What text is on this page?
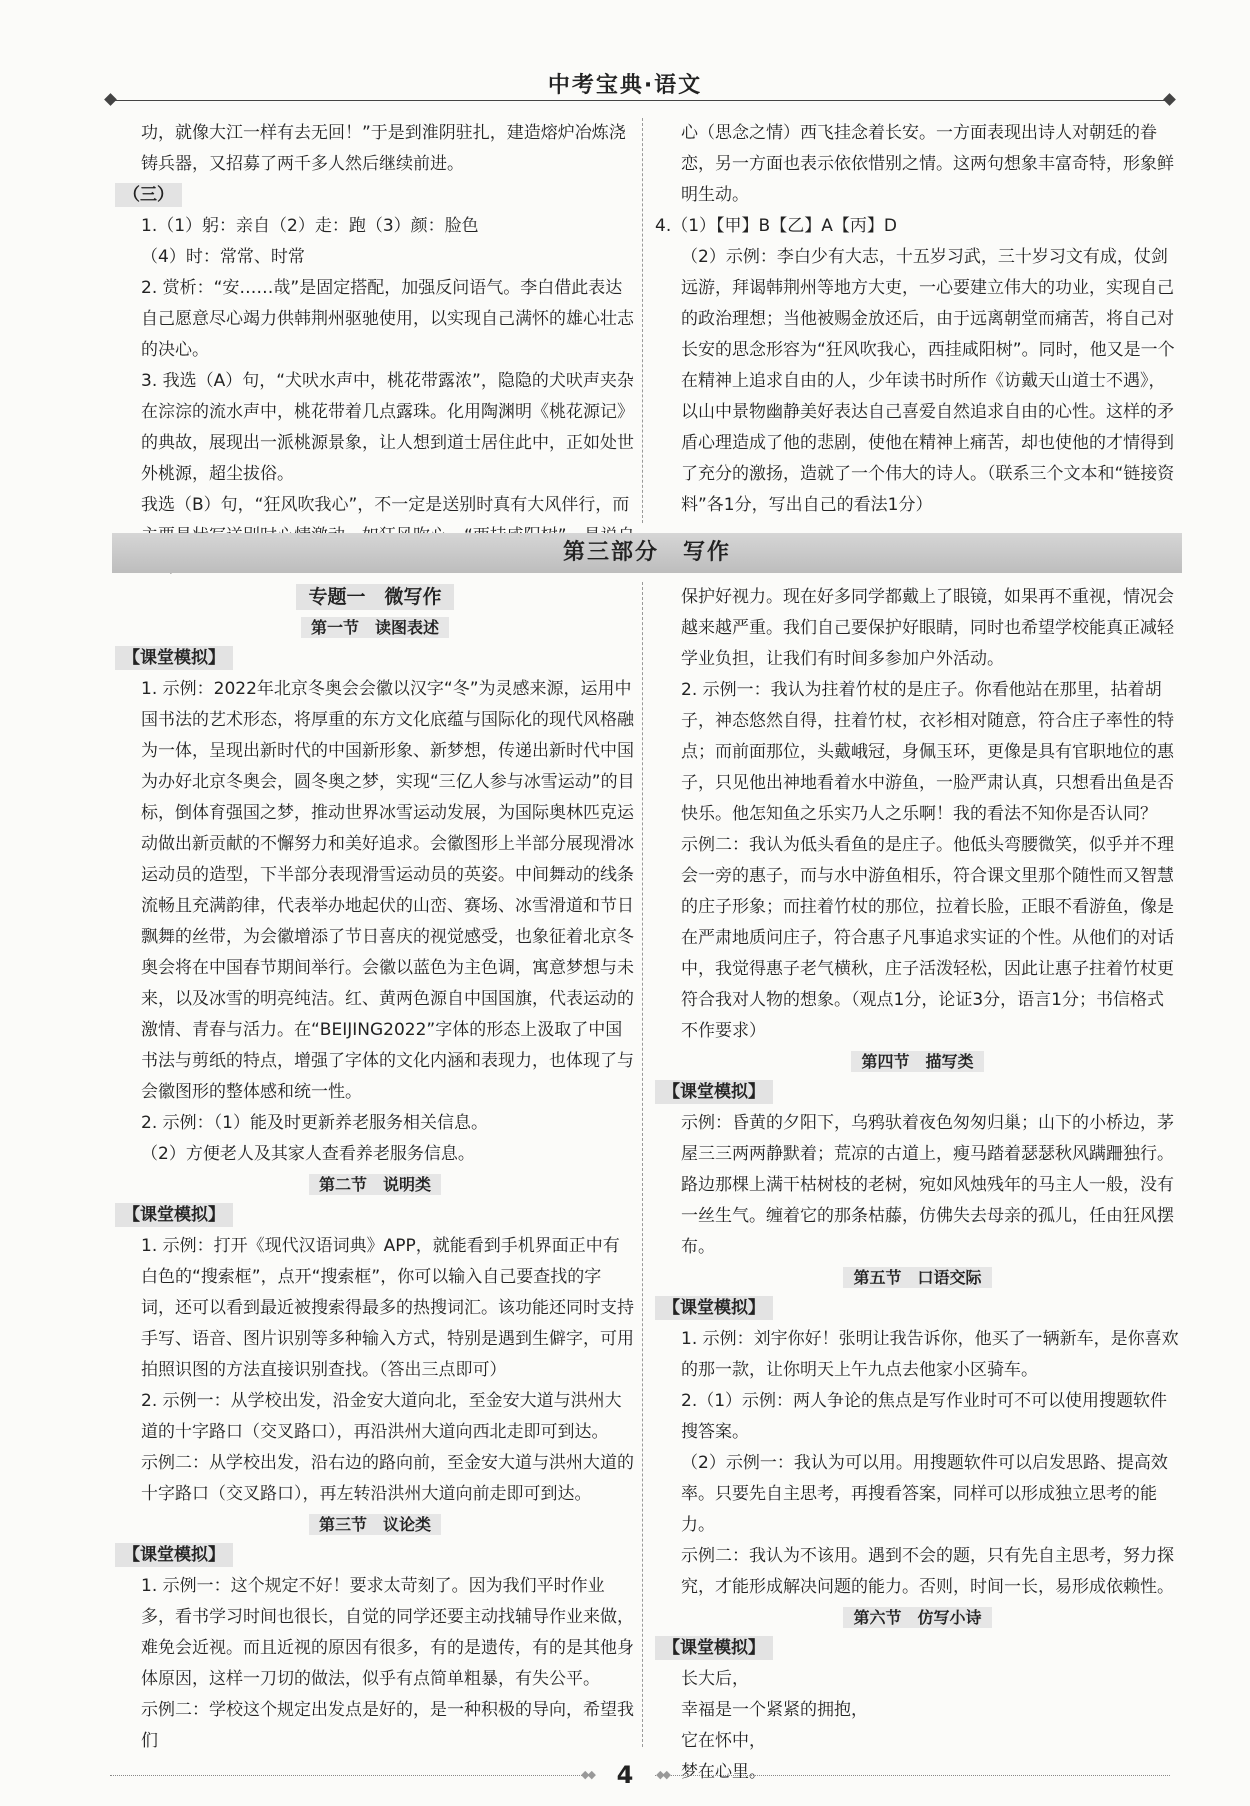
中考宝典·语文

功，就像大江一样有去无回！”于是到淮阴驻扎，建造熔炉冶炼浇铸兵器，又招募了两千多人然后继续前进。

（三）

1.（1）躬：亲自（2）走：跑（3）颜：脸色

（4）时：常常、时常

2. 赏析：“安……哉”是固定搭配，加强反问语气。李白借此表达自己愿意尽心竭力供韩荆州驱驰使用，以实现自己满怀的雄心壮志的决心。

3. 我选（A）句，“犬吠水声中，桃花带露浓”，隐隐的犬吠声夹杂在淙淙的流水声中，桃花带着几点露珠。化用陶渊明《桃花源记》的典故，展现出一派桃源景象，让人想到道士居住此中，正如处世外桃源，超尘拔俗。

我选（B）句，“狂风吹我心”，不一定是送别时真有大风伴行，而

心（思念之情）西飞挂念着长安。一方面表现出诗人对朝廷的眷恋，另一方面也表示依依惜别之情。这两句想象丰富奇特，形象鲜明生动。

4.（1）【甲】B【乙】A【丙】D

（2）示例：李白少有大志，十五岁习武，三十岁习文有成，仗剑远游，拜谒韩荆州等地方大吏，一心要建立伟大的功业，实现自己的政治理想；当他被赐金放还后，由于远离朝堂而痛苦，将自己对长安的思念形容为“狂风吹我心，西挂咸阳树”。同时，他又是一个在精神上追求自由的人，少年读书时所作《访戴天山道士不遇》，以山中景物幽静美好表达自己喜爱自然追求自由的心性。这样的矛盾心理造成了他的悲剧，使他在精神上痛苦，却也使他的才情得到了充分的激扬，造就了一个伟大的诗人。（联系三个文本和“链接资料”各1分，写出自己的看法1分）

第三部分　写作

专题一　微写作

第一节　读图表述

【课堂模拟】

1. 示例：2022年北京冬奥会会徽以汉字“冬”为灵感来源，运用中国书法的艺术形态，将厚重的东方文化底蕴与国际化的现代风格融为一体，呈现出新时代的中国新形象、新梦想，传递出新时代中国为办好北京冬奥会，圆冬奥之梦，实现“三亿人参与冰雪运动”的目标，倒体育强国之梦，推动世界冰雪运动发展，为国际奥林匹克运动做出新贡献的不懈努力和美好追求。会徽图形上半部分展现滑冰运动员的造型，下半部分表现滑雪运动员的英姿。中间舞动的线条流畅且充满韵律，代表举办地起伏的山峦、赛场、冰雪滑道和节日飘舞的丝带，为会徽增添了节日喜庆的视觉感受，也象征着北京冬奥会将在中国春节期间举行。会徽以蓝色为主色调，寓意梦想与未来，以及冰雪的明亮纯洁。红、黄两色源自中国国旗，代表运动的激情、青春与活力。在“BEIJING2022”字体的形态上汲取了中国书法与剪纸的特点，增强了字体的文化内涵和表现力，也体现了与会徽图形的整体感和统一性。

2. 示例：（1）能及时更新养老服务相关信息。

（2）方便老人及其家人查看养老服务信息。

第二节　说明类

【课堂模拟】

1. 示例：打开《现代汉语词典》APP，就能看到手机界面正中有白色的“搜索框”，点开“搜索框”，你可以输入自己要查找的字词，还可以看到最近被搜索得最多的热搜词汇。该功能还同时支持手写、语音、图片识别等多种输入方式，特别是遇到生僻字，可用拍照识图的方法直接识别查找。（答出三点即可）

2. 示例一：从学校出发，沿金安大道向北，至金安大道与洪州大道的十字路口（交叉路口），再沿洪州大道向西北走即可到达。

示例二：从学校出发，沿右边的路向前，至金安大道与洪州大道的十字路口（交叉路口），再左转沿洪州大道向前走即可到达。

第三节　议论类

【课堂模拟】

1. 示例一：这个规定不好！要求太苛刻了。因为我们平时作业多，看书学习时间也很长，自觉的同学还要主动找辅导作业来做，难免会近视。而且近视的原因有很多，有的是遗传，有的是其他身体原因，这样一刀切的做法，似乎有点简单粗暴，有失公平。

示例二：学校这个规定出发点是好的，是一种积极的导向，希望我们

保护好视力。现在好多同学都戴上了眼镜，如果再不重视，情况会越来越严重。我们自己要保护好眼睛，同时也希望学校能真正减轻学业负担，让我们有时间多参加户外活动。

2. 示例一：我认为拄着竹杖的是庄子。你看他站在那里，拈着胡子，神态悠然自得，拄着竹杖，衣衫相对随意，符合庄子率性的特点；而前面那位，头戴峨冠，身佩玉环，更像是具有官职地位的惠子，只见他出神地看着水中游鱼，一脸严肃认真，只想看出鱼是否快乐。他怎知鱼之乐实乃人之乐啊！我的看法不知你是否认同？

示例二：我认为低头看鱼的是庄子。他低头弯腰微笑，似乎并不理会一旁的惠子，而与水中游鱼相乐，符合课文里那个随性而又智慧的庄子形象；而拄着竹杖的那位，拉着长脸，正眼不看游鱼，像是在严肃地质问庄子，符合惠子凡事追求实证的个性。从他们的对话中，我觉得惠子老气横秋，庄子活泼轻松，因此让惠子拄着竹杖更符合我对人物的想象。（观点1分，论证3分，语言1分；书信格式不作要求）

第四节　描写类

【课堂模拟】

示例：昏黄的夕阳下，乌鸦驮着夜色匆匆归巢；山下的小桥边，茅屋三三两两静默着；荒凉的古道上，瘦马踏着瑟瑟秋风蹒跚独行。路边那棵上满干枯树枝的老树，宛如风烛残年的马主人一般，没有一丝生气。缠着它的那条枯藤，仿佛失去母亲的孤儿，任由狂风摆布。

第五节　口语交际

【课堂模拟】

1. 示例：刘宇你好！张明让我告诉你，他买了一辆新车，是你喜欢的那一款，让你明天上午九点去他家小区骑车。

2.（1）示例：两人争论的焦点是写作业时可不可以使用搜题软件搜答案。

（2）示例一：我认为可以用。用搜题软件可以启发思路、提高效率。只要先自主思考，再搜看答案，同样可以形成独立思考的能力。

示例二：我认为不该用。遇到不会的题，只有先自主思考，努力探究，才能形成解决问题的能力。否则，时间一长，易形成依赖性。

第六节　仿写小诗

【课堂模拟】

长大后，

幸福是一个紧紧的拥抱，

它在怀中，

梦在心里。

◆◆ 4 ◆◆
